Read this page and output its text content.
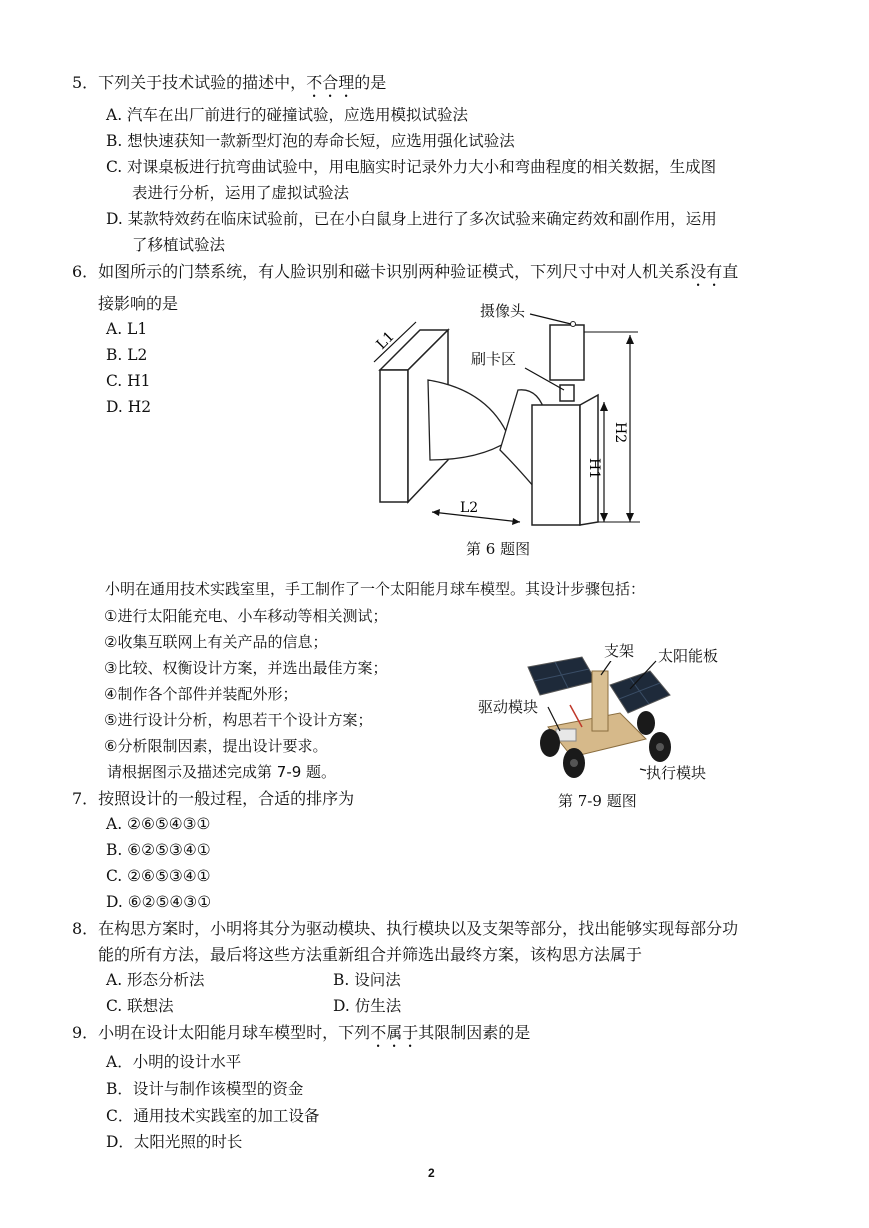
5．下列关于技术试验的描述中，不合理的是
A. 汽车在出厂前进行的碰撞试验，应选用模拟试验法
B. 想快速获知一款新型灯泡的寿命长短，应选用强化试验法
C. 对课桌板进行抗弯曲试验中，用电脑实时记录外力大小和弯曲程度的相关数据，生成图
表进行分析，运用了虚拟试验法
D. 某款特效药在临床试验前，已在小白鼠身上进行了多次试验来确定药效和副作用，运用
了移植试验法
6．如图所示的门禁系统，有人脸识别和磁卡识别两种验证模式，下列尺寸中对人机关系没有直
接影响的是
A. L1
B. L2
C. H1
D. H2
L1
L2
H1
H2
摄像头
刷卡区
第 6 题图
小明在通用技术实践室里，手工制作了一个太阳能月球车模型。其设计步骤包括：
①进行太阳能充电、小车移动等相关测试；
②收集互联网上有关产品的信息；
③比较、权衡设计方案，并选出最佳方案；
④制作各个部件并装配外形；
⑤进行设计分析，构思若干个设计方案；
⑥分析限制因素，提出设计要求。
请根据图示及描述完成第 7-9 题。
支架 太阳能板
驱动模块
执行模块
第 7-9 题图
7．按照设计的一般过程，合适的排序为
A. ②⑥⑤④③①
B. ⑥②⑤③④①
C. ②⑥⑤③④①
D. ⑥②⑤④③①
8．在构思方案时，小明将其分为驱动模块、执行模块以及支架等部分，找出能够实现每部分功
能的所有方法，最后将这些方法重新组合并筛选出最终方案，该构思方法属于
A. 形态分析法	B. 设问法
C. 联想法	D. 仿生法
9．小明在设计太阳能月球车模型时，下列不属于其限制因素的是
A．小明的设计水平
B．设计与制作该模型的资金
C．通用技术实践室的加工设备
D．太阳光照的时长
2
